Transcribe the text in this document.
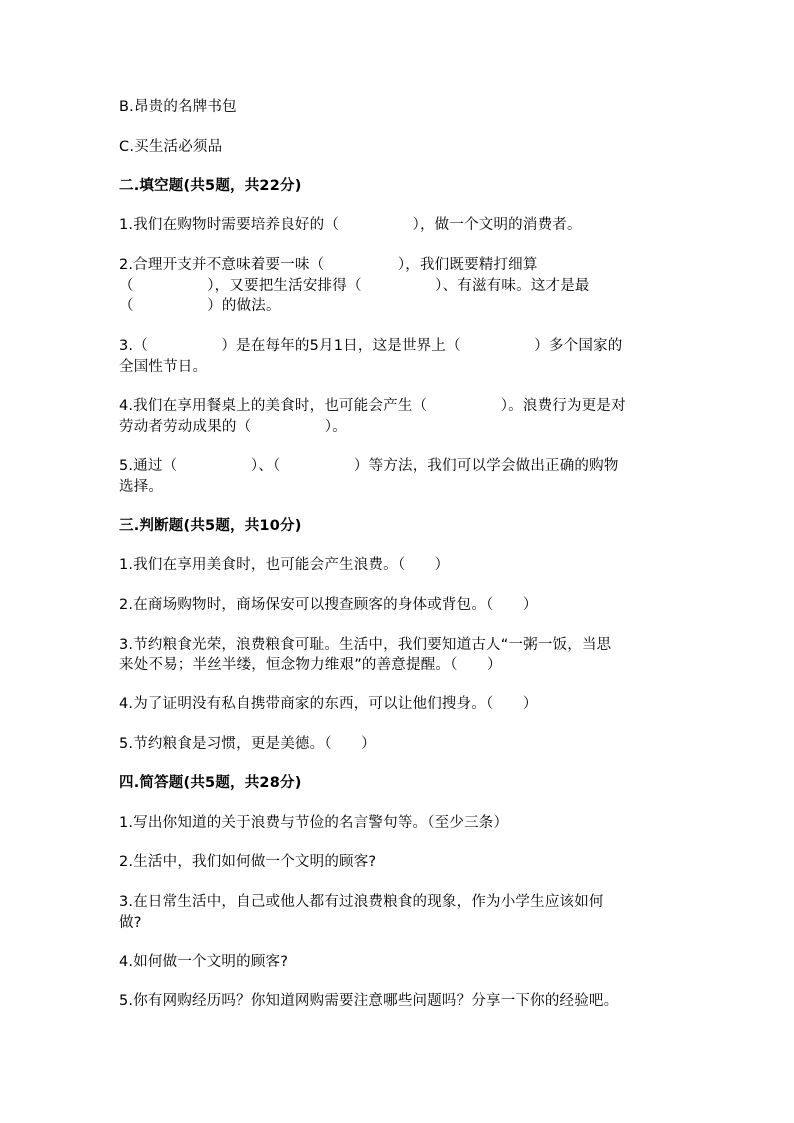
B.昂贵的名牌书包
C.买生活必须品
二.填空题(共5题，共22分)
1.我们在购物时需要培养良好的（　　　　　），做一个文明的消费者。
2.合理开支并不意味着要一味（　　　　　），我们既要精打细算
（　　　　　），又要把生活安排得（　　　　　）、有滋有味。这才是最
（　　　　　）的做法。
3.（　　　　　）是在每年的5月1日，这是世界上（　　　　　）多个国家的
全国性节日。
4.我们在享用餐桌上的美食时，也可能会产生（　　　　　）。浪费行为更是对
劳动者劳动成果的（　　　　　）。
5.通过（　　　　　）、（　　　　　）等方法，我们可以学会做出正确的购物
选择。
三.判断题(共5题，共10分)
1.我们在享用美食时，也可能会产生浪费。（　　）
2.在商场购物时，商场保安可以搜查顾客的身体或背包。（　　）
3.节约粮食光荣，浪费粮食可耻。生活中，我们要知道古人“一粥一饭，当思
来处不易；半丝半缕，恒念物力维艰”的善意提醒。（　　）
4.为了证明没有私自携带商家的东西，可以让他们搜身。（　　）
5.节约粮食是习惯，更是美德。（　　）
四.简答题(共5题，共28分)
1.写出你知道的关于浪费与节俭的名言警句等。（至少三条）
2.生活中，我们如何做一个文明的顾客?
3.在日常生活中，自己或他人都有过浪费粮食的现象，作为小学生应该如何
做?
4.如何做一个文明的顾客?
5.你有网购经历吗？你知道网购需要注意哪些问题吗？分享一下你的经验吧。
